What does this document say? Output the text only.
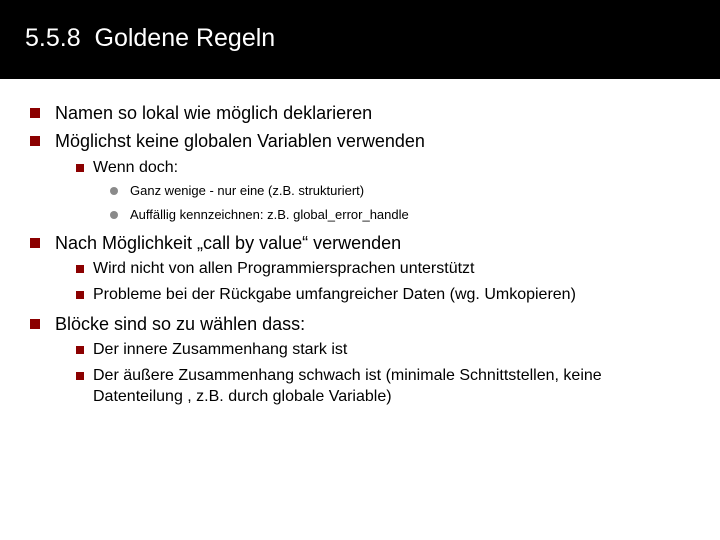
5.5.8  Goldene Regeln
Namen so lokal wie möglich deklarieren
Möglichst keine globalen Variablen verwenden
Wenn doch:
Ganz wenige - nur eine (z.B. strukturiert)
Auffällig kennzeichnen: z.B. global_error_handle
Nach Möglichkeit „call by value“ verwenden
Wird nicht von allen Programmiersprachen unterstützt
Probleme bei der Rückgabe umfangreicher Daten (wg. Umkopieren)
Blöcke sind so zu wählen dass:
Der innere Zusammenhang stark ist
Der äußere Zusammenhang schwach ist (minimale Schnittstellen, keine
Datenteilung , z.B. durch globale Variable)
